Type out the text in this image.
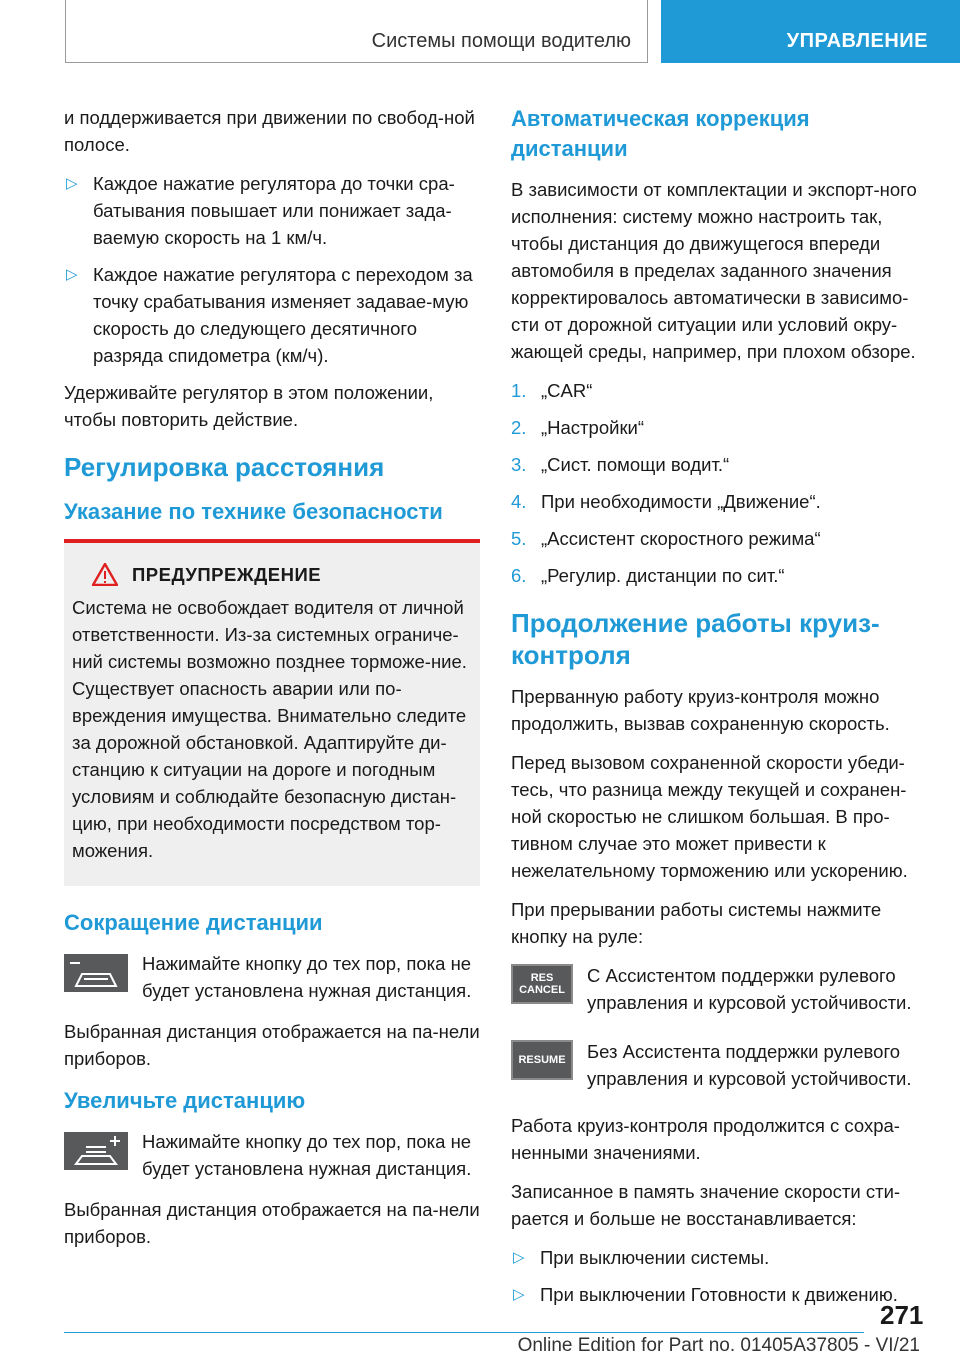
Системы помощи водителю	УПРАВЛЕНИЕ

и поддерживается при движении по свобод-ной полосе.

▷ Каждое нажатие регулятора до точки сра-батывания повышает или понижает зада-ваемую скорость на 1 км/ч.
▷ Каждое нажатие регулятора с переходом за точку срабатывания изменяет задавае-мую скорость до следующего десятичного разряда спидометра (км/ч).

Удерживайте регулятор в этом положении, чтобы повторить действие.

Регулировка расстояния
Указание по технике безопасности
ПРЕДУПРЕЖДЕНИЕ

Система не освобождает водителя от личной ответственности. Из-за системных ограниче-ний системы возможно позднее торможе-ние. Существует опасность аварии или по-вреждения имущества. Внимательно следите за дорожной обстановкой. Адаптируйте ди-станцию к ситуации на дороге и погодным условиям и соблюдайте безопасную дистан-цию, при необходимости посредством тор-можения.

Сокращение дистанции

Нажимайте кнопку до тех пор, пока не будет установлена нужная дистанция.

Выбранная дистанция отображается на па-нели приборов.

Увеличьте дистанцию

Нажимайте кнопку до тех пор, пока не будет установлена нужная дистанция.

Выбранная дистанция отображается на па-нели приборов.

Автоматическая коррекция дистанции

В зависимости от комплектации и экспорт-ного исполнения: систему можно настроить так, чтобы дистанция до движущегося впереди автомобиля в пределах заданного значения корректировалось автоматически в зависимо-сти от дорожной ситуации или условий окру-жающей среды, например, при плохом обзоре.

1. „CAR“
2. „Настройки“
3. „Сист. помощи водит.“
4. При необходимости „Движение“.
5. „Ассистент скоростного режима“
6. „Регулир. дистанции по сит.“
Продолжение работы круиз-контроля

Прерванную работу круиз-контроля можно продолжить, вызвав сохраненную скорость.

Перед вызовом сохраненной скорости убеди-тесь, что разница между текущей и сохранен-ной скоростью не слишком большая. В про-тивном случае это может привести к нежелательному торможению или ускорению.

При прерывании работы системы нажмите кнопку на руле:

RES
CANCEL

С Ассистентом поддержки рулевого управления и курсовой устойчивости.

RESUME Без Ассистента поддержки рулевого управления и курсовой устойчивости.

Работа круиз-контроля продолжится с сохра-ненными значениями.

Записанное в память значение скорости сти-рается и больше не восстанавливается:

▷ При выключении системы.
▷ При выключении Готовности к движению.
271
Online Edition for Part no. 01405A37805 - VI/21
